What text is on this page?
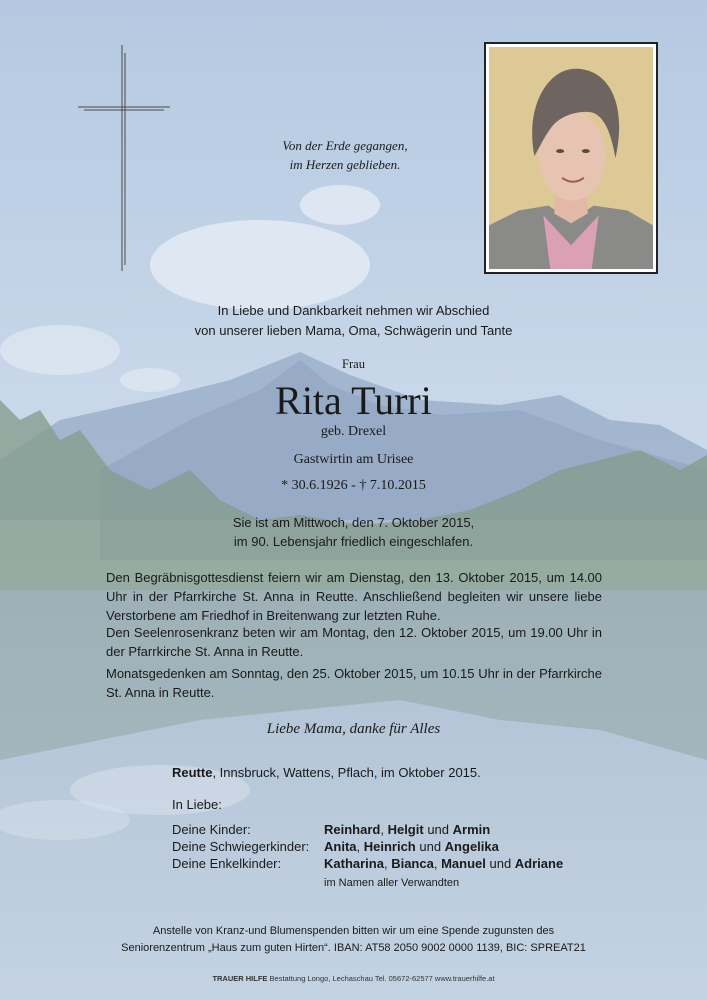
Von der Erde gegangen,
im Herzen geblieben.
In Liebe und Dankbarkeit nehmen wir Abschied
von unserer lieben Mama, Oma, Schwägerin und Tante
Frau
Rita Turri
geb. Drexel
Gastwirtin am Urisee
* 30.6.1926 - † 7.10.2015
Sie ist am Mittwoch, den 7. Oktober 2015,
im 90. Lebensjahr friedlich eingeschlafen.
Den Begräbnisgottesdienst feiern wir am Dienstag, den 13. Oktober 2015, um 14.00 Uhr in der Pfarrkirche St. Anna in Reutte. Anschließend begleiten wir unsere liebe Verstorbene am Friedhof in Breitenwang zur letzten Ruhe.
Den Seelenrosenkranz beten wir am Montag, den 12. Oktober 2015, um 19.00 Uhr in der Pfarrkirche St. Anna in Reutte.
Monatsgedenken am Sonntag, den 25. Oktober 2015, um 10.15 Uhr in der Pfarrkirche St. Anna in Reutte.
Liebe Mama, danke für Alles
Reutte, Innsbruck, Wattens, Pflach, im Oktober 2015.
In Liebe:
Deine Kinder:
Deine Schwiegerkinder:
Deine Enkelkinder:
Reinhard, Helgit und Armin
Anita, Heinrich und Angelika
Katharina, Bianca, Manuel und Adriane
im Namen aller Verwandten
Anstelle von Kranz-und Blumenspenden bitten wir um eine Spende zugunsten des
Seniorenzentrum „Haus zum guten Hirten“. IBAN: AT58 2050 9002 0000 1139, BIC: SPREAT21
TRAUER HILFE Bestattung Longo, Lechaschau Tel. 05672-62577 www.trauerhilfe.at
